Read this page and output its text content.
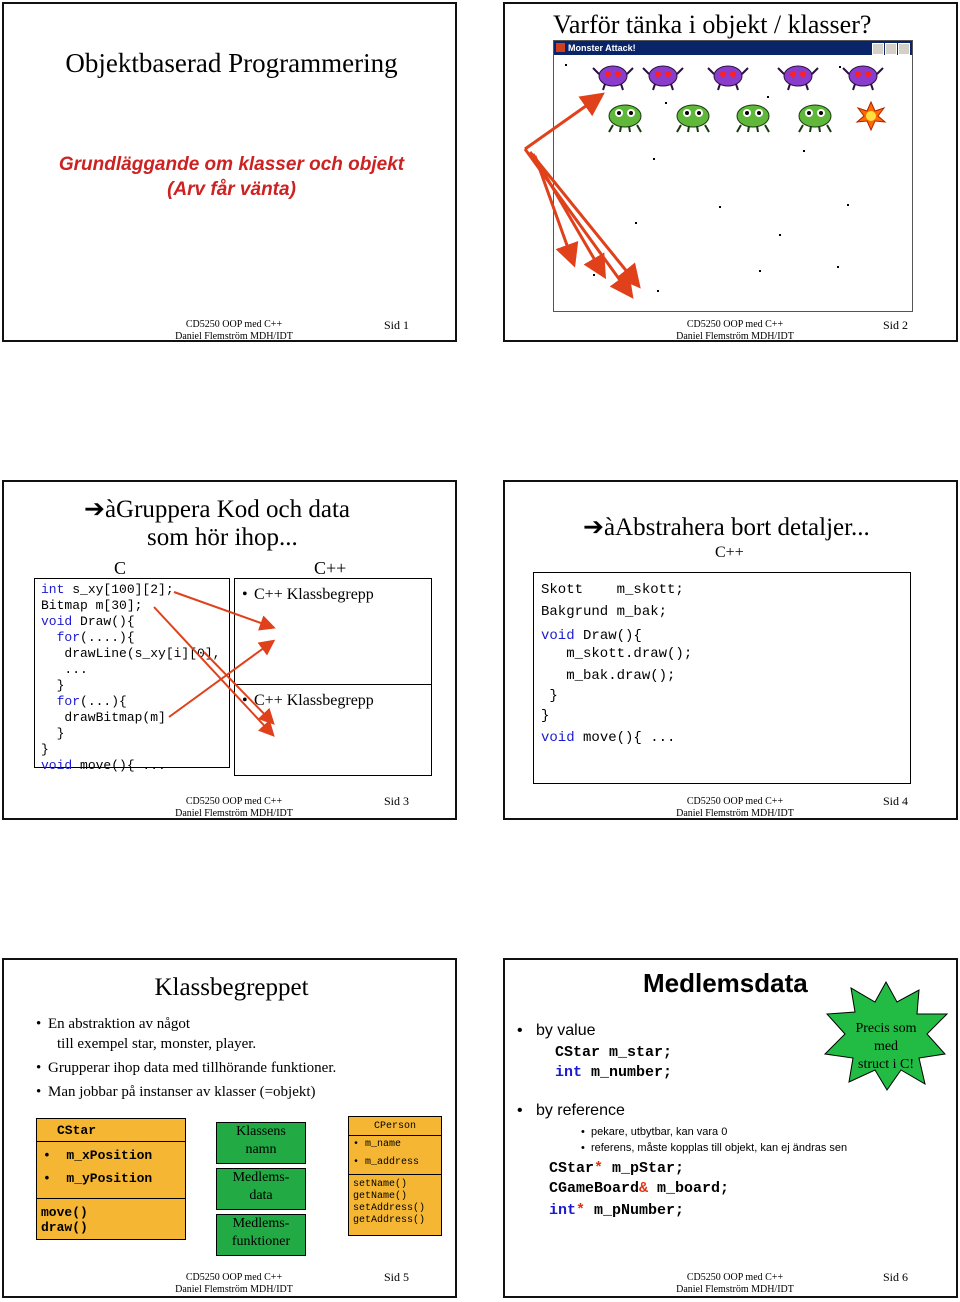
Objektbaserad Programmering
Grundläggande om klasser och objekt
(Arv får vänta)
CD5250 OOP med C++
Daniel Flemström MDH/IDT
Sid 1
Varför tänka i objekt / klasser?
Monster Attack!
CD5250 OOP med C++
Daniel Flemström MDH/IDT
Sid 2
➔àGruppera Kod och data
som hör ihop...
C	C++
int s_xy[100][2];
Bitmap m[30];
void Draw(){
for(....){
drawLine(s_xy[i][0],
...
}
for(...){
drawBitmap(m]
}
}
void move(){ ...
• C++ Klassbegrepp
• C++ Klassbegrepp
CD5250 OOP med C++
Daniel Flemström MDH/IDT
Sid 3
➔àAbstrahera bort detaljer...
C++
Skott    m_skott;
Bakgrund m_bak;
void Draw(){
m_skott.draw();
m_bak.draw();
}
}
void move(){ ...
CD5250 OOP med C++
Daniel Flemström MDH/IDT
Sid 4
Klassbegreppet
• En abstraktion av något
till exempel star, monster, player.
• Grupperar ihop data med tillhörande funktioner.
• Man jobbar på instanser av klasser (=objekt)
CStar
•  m_xPosition
•  m_yPosition
move()
draw()
Klassens
namn
Medlems-
data
Medlems-
funktioner
CPerson
• m_name
• m_address
setName()
getName()
setAddress()
getAddress()
CD5250 OOP med C++
Daniel Flemström MDH/IDT
Sid 5
Medlemsdata
Precis som
med
struct i C!
•   by value
CStar m_star;
int m_number;
•   by reference
•  pekare, utbytbar, kan vara 0
•  referens, måste kopplas till objekt, kan ej ändras sen
CStar* m_pStar;
CGameBoard& m_board;
int* m_pNumber;
CD5250 OOP med C++
Daniel Flemström MDH/IDT
Sid 6
